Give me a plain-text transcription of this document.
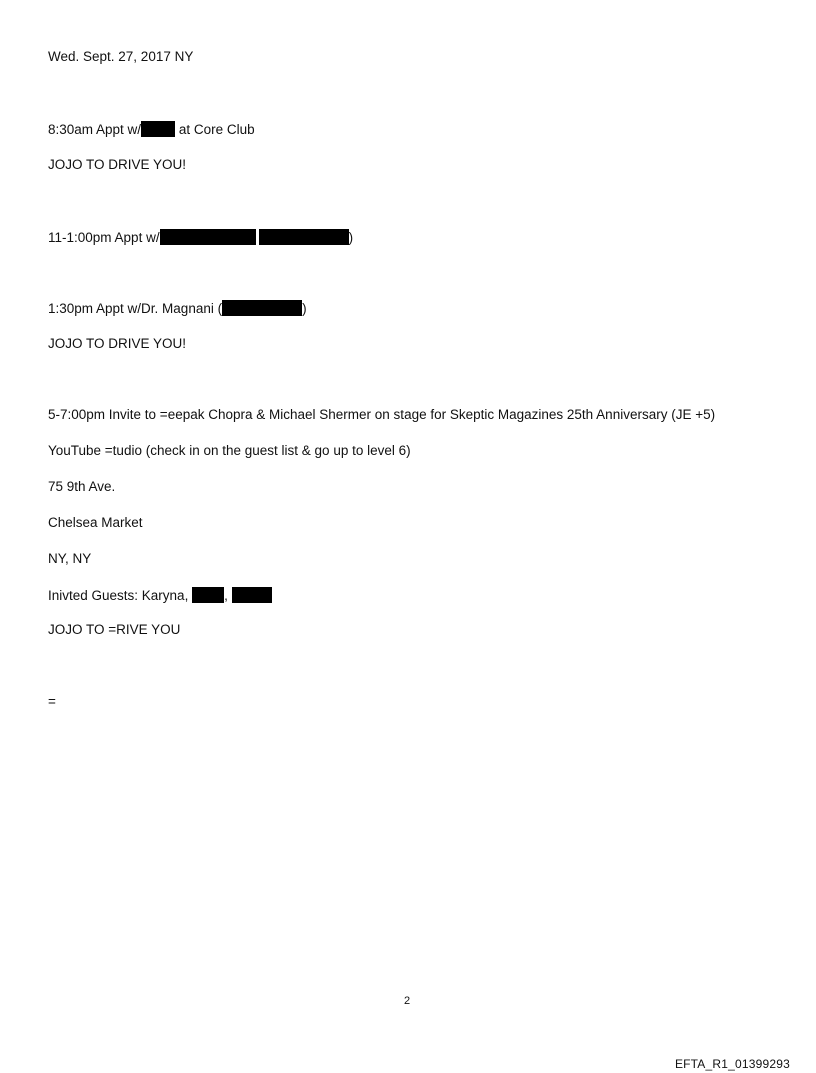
Wed. Sept. 27, 2017 NY
8:30am Appt w/	at Core Club
JOJO TO DRIVE YOU!
11-1:00pm Appt w/	)
1:30pm Appt w/Dr. Magnani (	)
JOJO TO DRIVE YOU!
5-7:00pm Invite to =eepak Chopra & Michael Shermer on stage for Skeptic Magazines 25th Anniversary (JE +5)
YouTube =tudio (check in on the guest list & go up to level 6)
75 9th Ave.
Chelsea Market
NY, NY
Inivted Guests: Karyna, ,
JOJO TO =RIVE YOU
=
2
EFTA_R1_01399293
